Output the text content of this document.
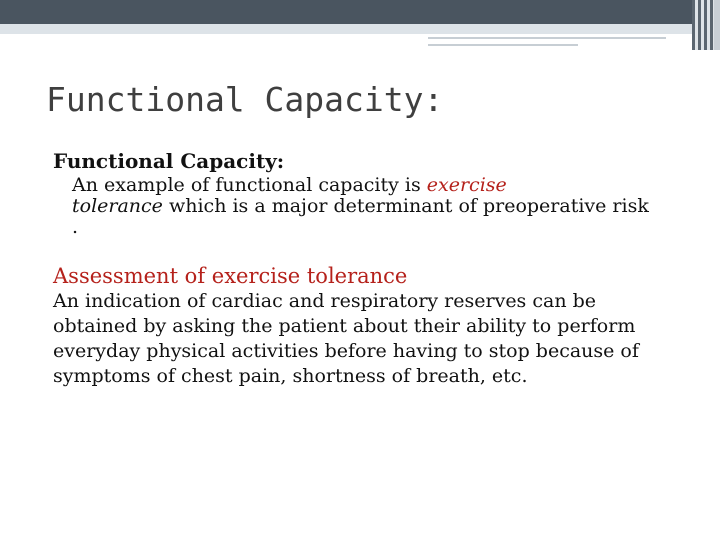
Functional Capacity:

Functional Capacity:

An example of functional capacity is exercise
tolerance which is a major determinant of preoperative risk .

Assessment of exercise tolerance

An indication of cardiac and respiratory reserves can be obtained by asking the patient about their ability to perform everyday physical activities before having to stop because of symptoms of chest pain, shortness of breath, etc.
